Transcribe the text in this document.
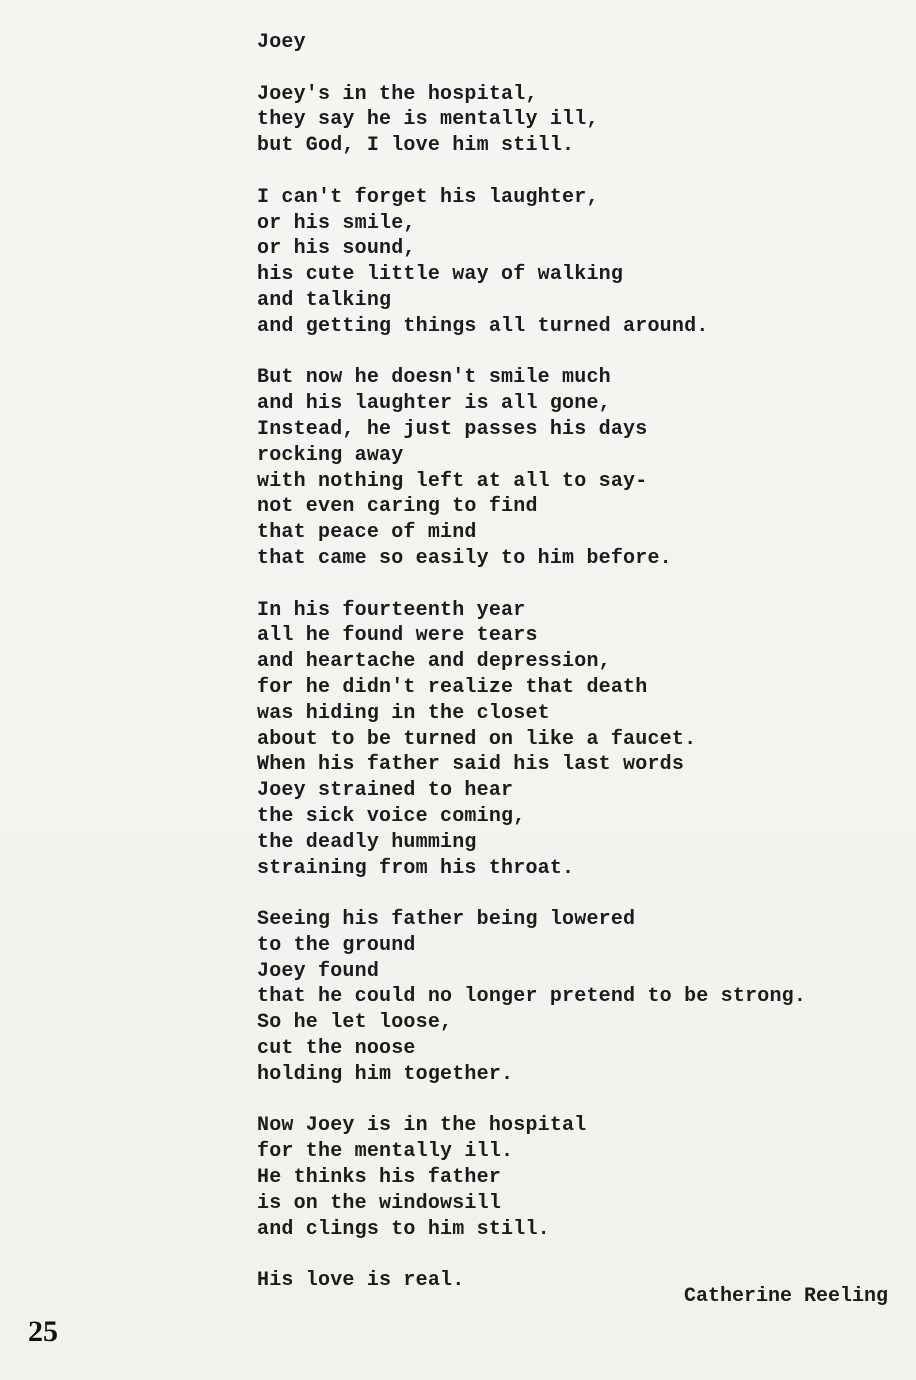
Joey
Joey's in the hospital,
they say he is mentally ill,
but God, I love him still.
I can't forget his laughter,
or his smile,
or his sound,
his cute little way of walking
and talking
and getting things all turned around.
But now he doesn't smile much
and his laughter is all gone,
Instead, he just passes his days
rocking away
with nothing left at all to say-
not even caring to find
that peace of mind
that came so easily to him before.
In his fourteenth year
all he found were tears
and heartache and depression,
for he didn't realize that death
was hiding in the closet
about to be turned on like a faucet.
When his father said his last words
Joey strained to hear
the sick voice coming,
the deadly humming
straining from his throat.
Seeing his father being lowered
to the ground
Joey found
that he could no longer pretend to be strong.
So he let loose,
cut the noose
holding him together.
Now Joey is in the hospital
for the mentally ill.
He thinks his father
is on the windowsill
and clings to him still.
His love is real.
Catherine Reeling
25
